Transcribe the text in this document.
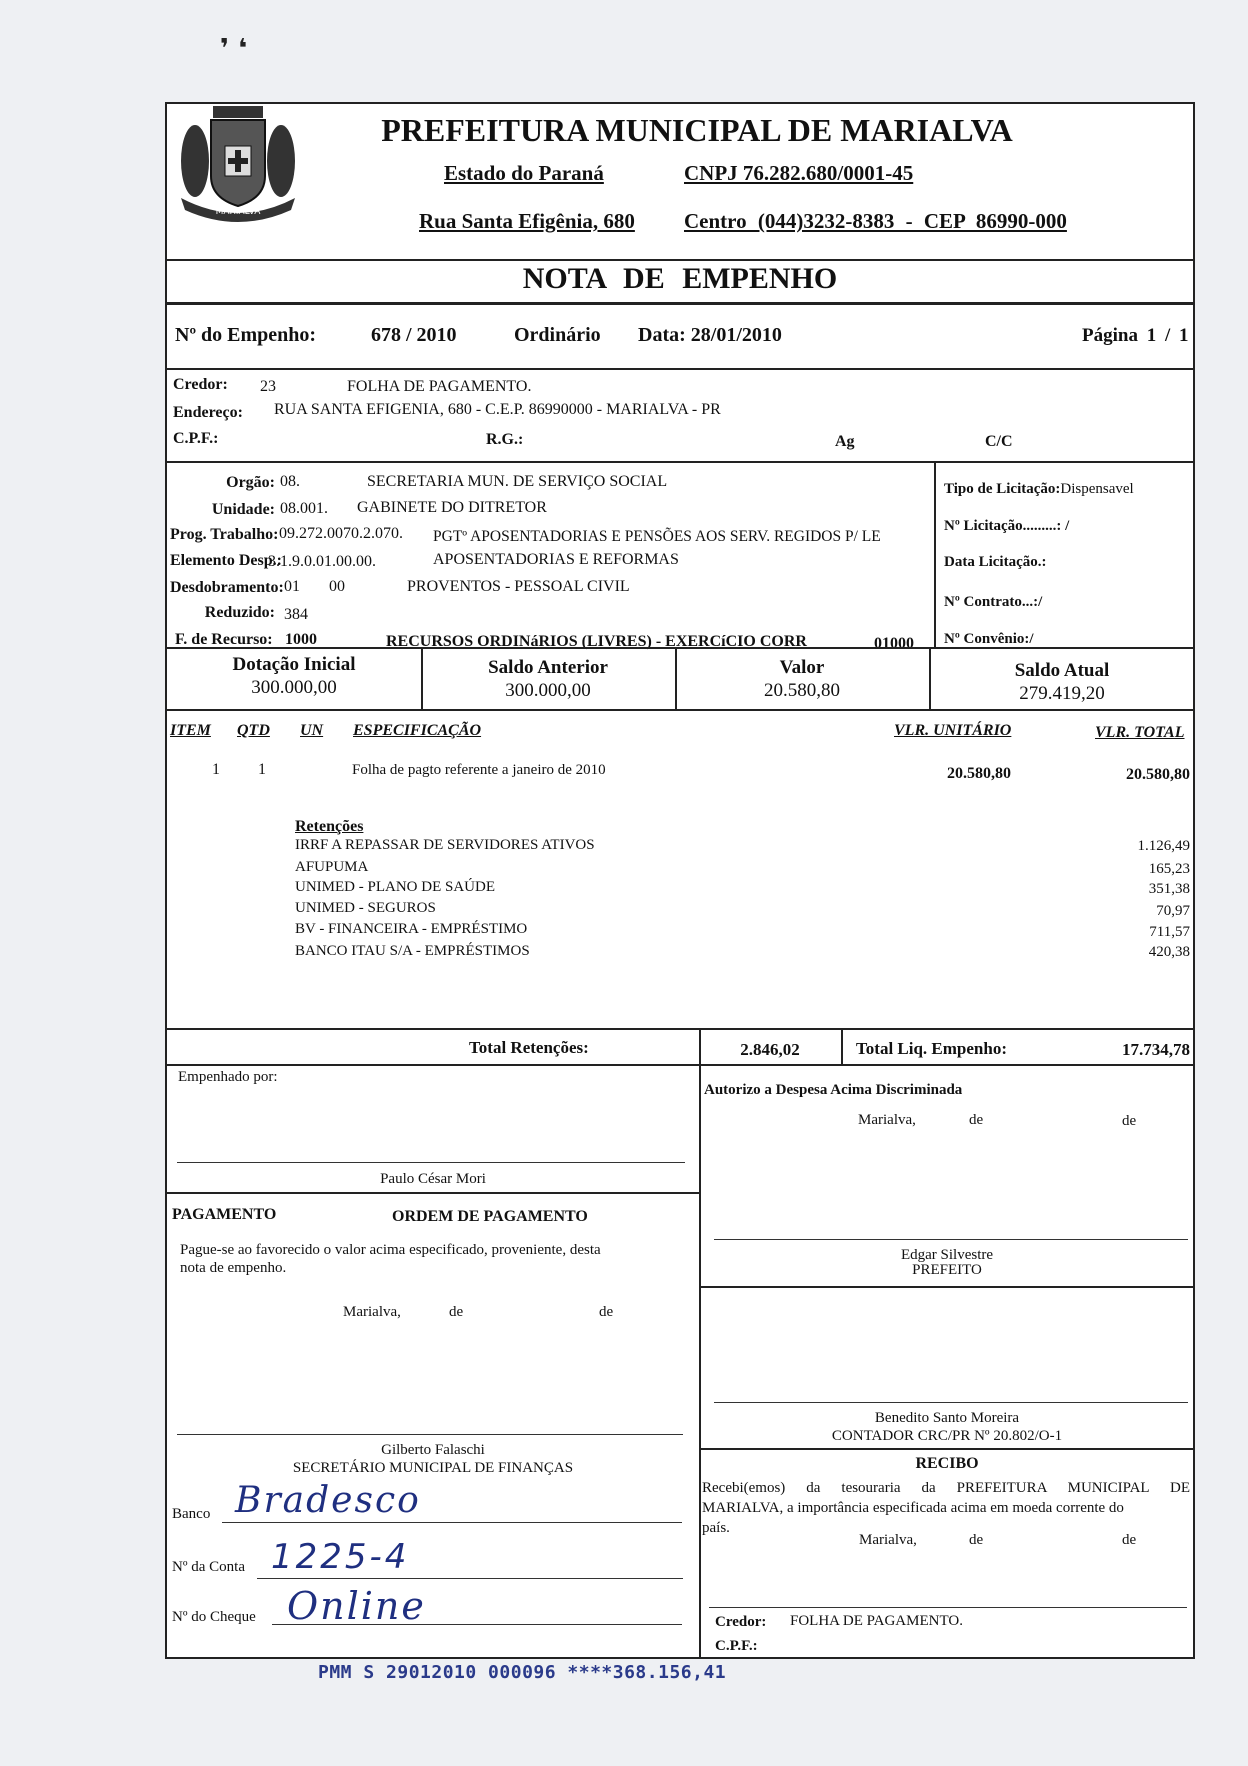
❜ ❛
MARIALVA
PREFEITURA MUNICIPAL DE MARIALVA
Estado do Paraná	CNPJ 76.282.680/0001-45
Rua Santa Efigênia, 680 Centro (044)3232-8383 - CEP 86990-000
NOTA DE EMPENHO
Nº do Empenho:	678 / 2010	Ordinário Data: 28/01/2010	Página 1 / 1
Credor: 23	FOLHA DE PAGAMENTO.
Endereço: RUA SANTA EFIGENIA, 680 - C.E.P. 86990000 - MARIALVA - PR
C.P.F.:	R.G.:	Ag	C/C
Orgão: 08.	SECRETARIA MUN. DE SERVIÇO SOCIAL
Unidade: 08.001. GABINETE DO DITRETOR
Prog. Trabalho: 09.272.0070.2.070. PGTº APOSENTADORIAS E PENSÕES AOS SERV. REGIDOS P/ LE
Elemento Desp.:
3.1.9.0.01.00.00.	APOSENTADORIAS E REFORMAS
Desdobramento: 01 00	PROVENTOS - PESSOAL CIVIL
Reduzido: 384
F. de Recurso: 1000	RECURSOS ORDINáRIOS (LIVRES) - EXERCíCIO CORR	01000
Tipo de Licitação:Dispensavel
Nº Licitação.........: /
Data Licitação.:
Nº Contrato...:/
Nº Convênio:/
Dotação Inicial
300.000,00
Saldo Anterior
300.000,00
Valor
20.580,80
Saldo Atual
279.419,20
ITEM QTD UN ESPECIFICAÇÃO	VLR. UNITÁRIO	VLR. TOTAL
1 1	Folha de pagto referente a janeiro de 2010	20.580,80	20.580,80
Retenções
IRRF A REPASSAR DE SERVIDORES ATIVOS	1.126,49
AFUPUMA	165,23
UNIMED - PLANO DE SAÚDE	351,38
UNIMED - SEGUROS	70,97
BV - FINANCEIRA - EMPRÉSTIMO	711,57
BANCO ITAU S/A - EMPRÉSTIMOS	420,38
Total Retenções:	2.846,02	Total Liq. Empenho:	17.734,78
Empenhado por:
Paulo César Mori
PAGAMENTO	ORDEM DE PAGAMENTO
Pague-se ao favorecido o valor acima especificado, proveniente, desta
nota de empenho.
Marialva,	de	de
Gilberto Falaschi
SECRETÁRIO MUNICIPAL DE FINANÇAS
Banco Bradesco
Nº da Conta 1225-4
Nº do Cheque Online
Autorizo a Despesa Acima Discriminada
Marialva,	de	de
Edgar Silvestre
PREFEITO
Benedito Santo Moreira
CONTADOR CRC/PR Nº 20.802/O-1
RECIBO
Recebi(emos) da tesouraria da PREFEITURA MUNICIPAL DE
MARIALVA, a importância especificada acima em moeda corrente do
país.
Marialva,	de	de
Credor: FOLHA DE PAGAMENTO.
C.P.F.:
PMM S 29012010 000096 ****368.156,41
